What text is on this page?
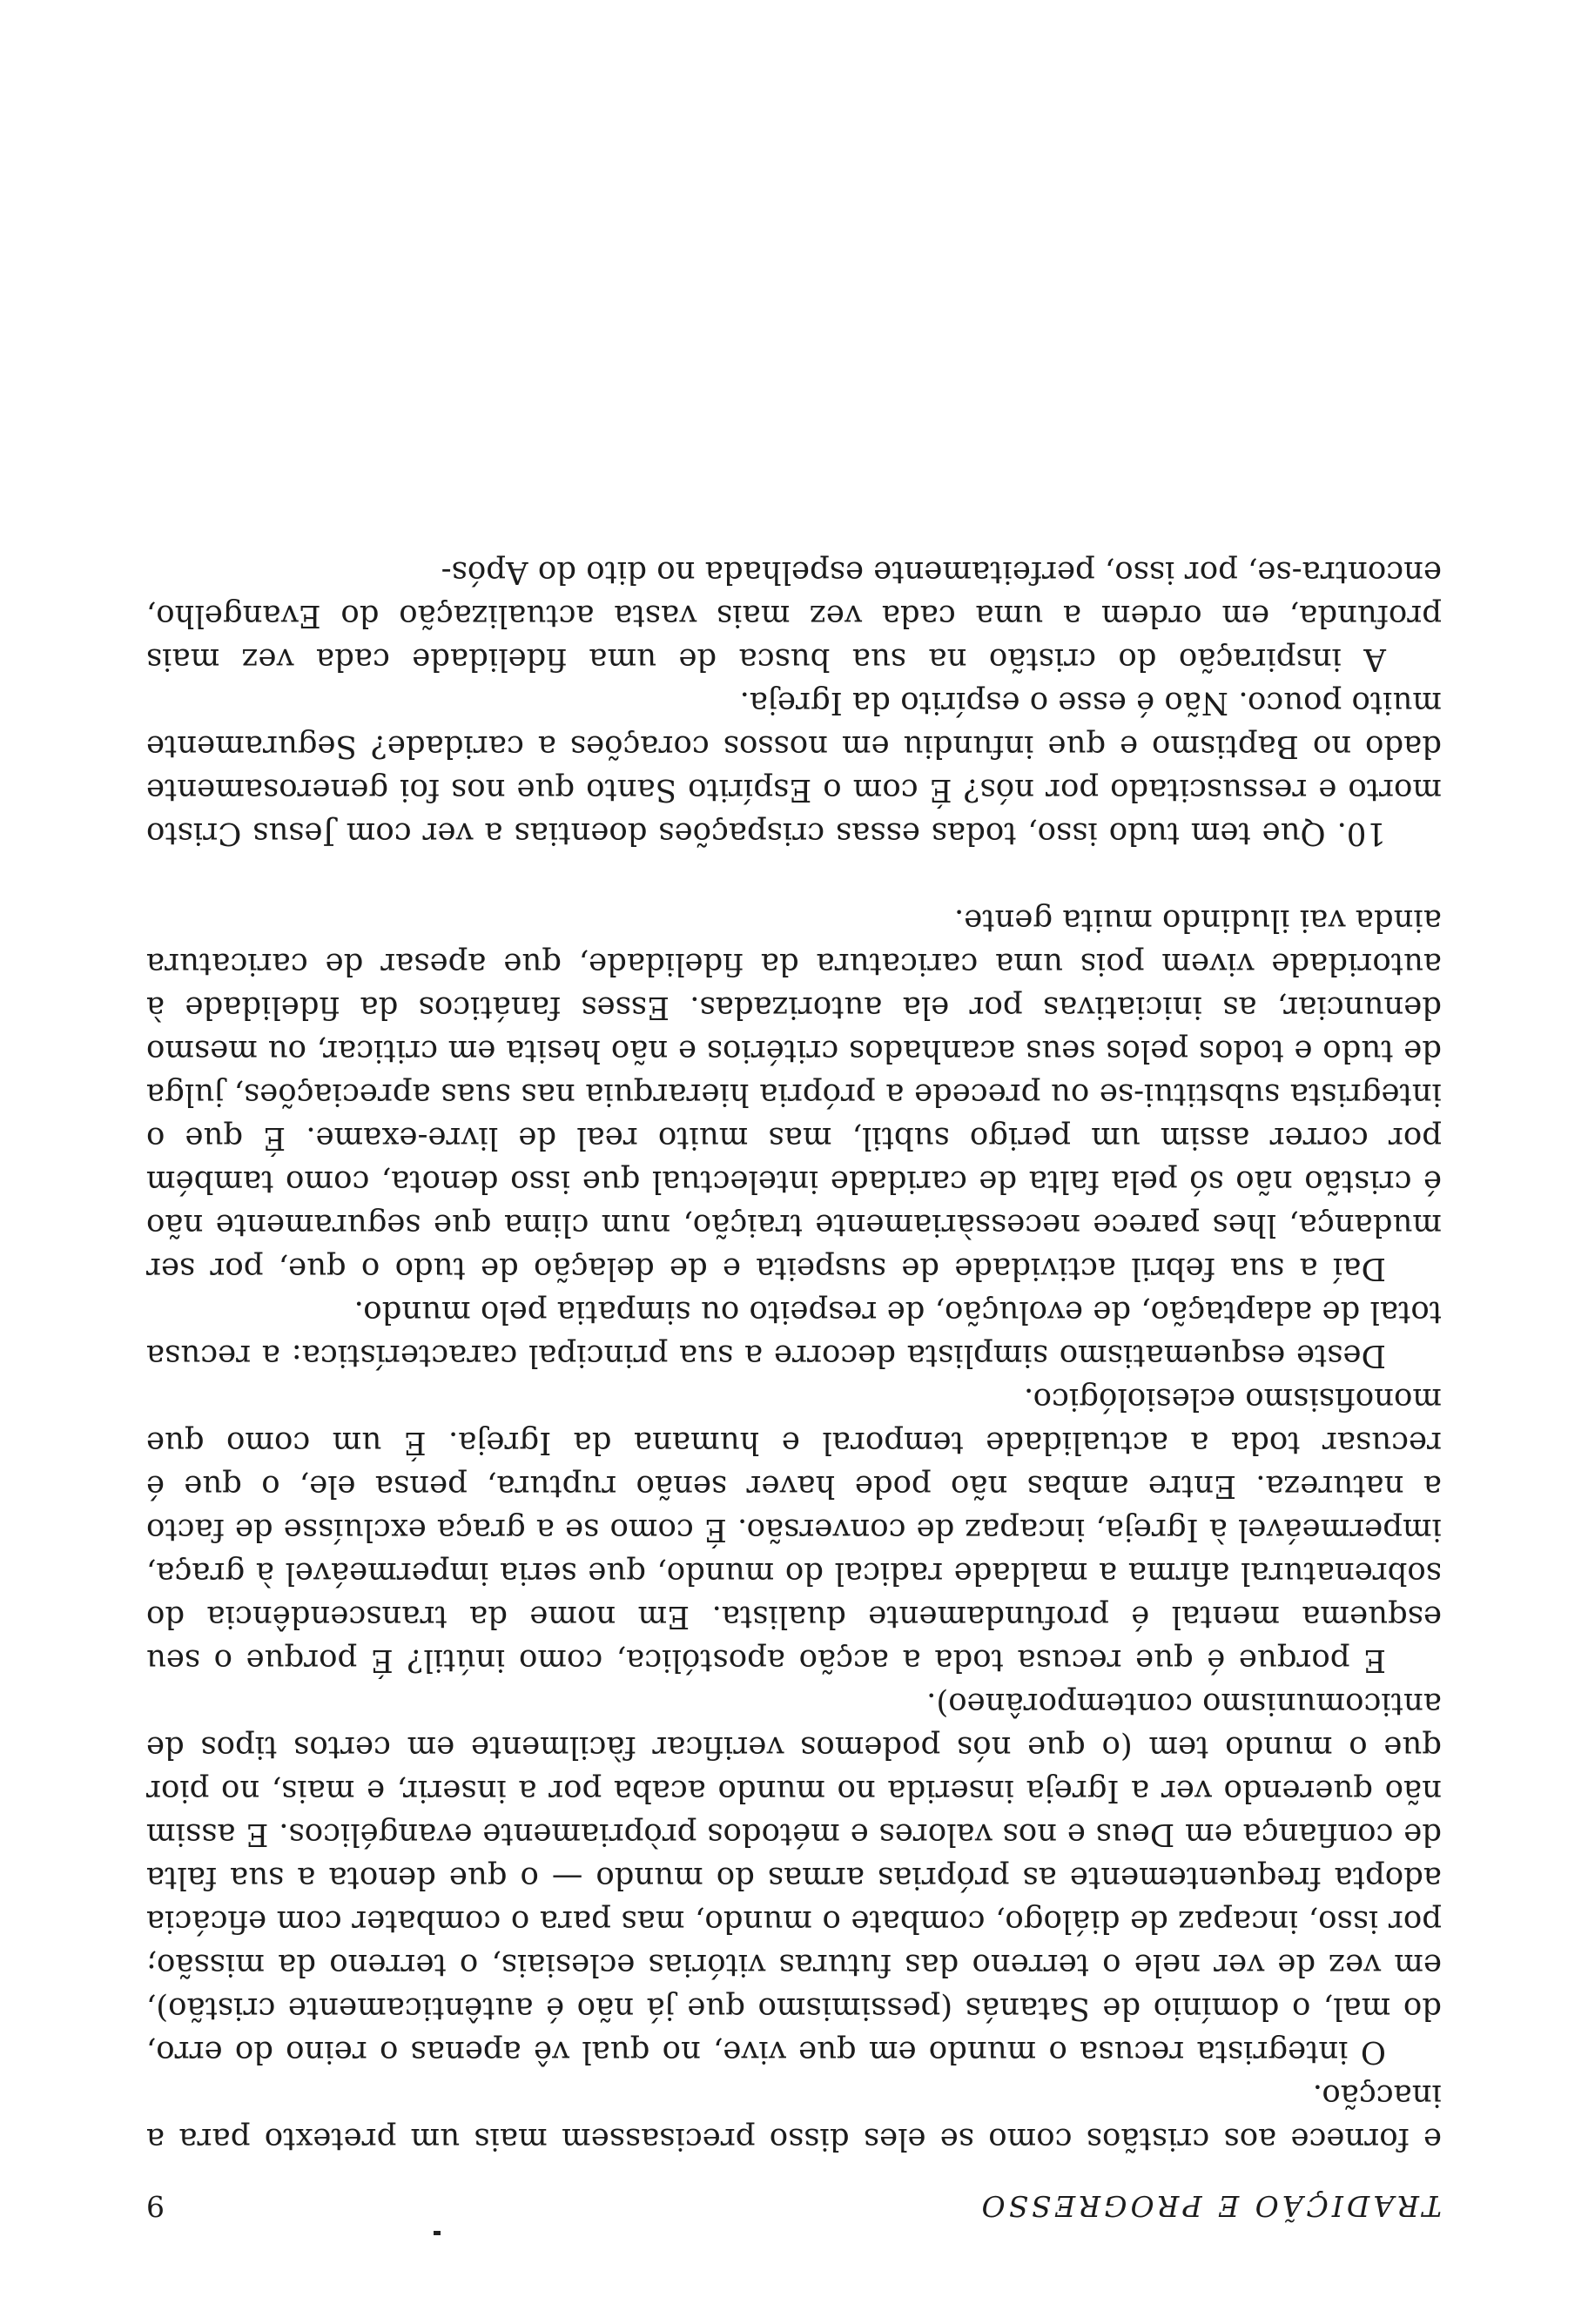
TRADIÇÃO E PROGRESSO
9

e fornece aos cristãos como se eles disso precisassem mais um pretexto para a inacção.

O integrista recusa o mundo em que vive, no qual vê apenas o reino do erro, do mal, o domínio de Satanás (pessimismo que já não é autênticamente cristão), em vez de ver nele o terreno das futuras vitórias eclesiais, o terreno da missão; por isso, incapaz de diálogo, combate o mundo, mas para o combater com eficácia adopta frequentemente as próprias armas do mundo — o que denota a sua falta de confiança em Deus e nos valores e métodos pròpriamente evangélicos. E assim não querendo ver a Igreja inserida no mundo acaba por a inserir, e mais, no pior que o mundo tem (o que nós podemos verificar fàcilmente em certos tipos de anticomunismo contemporâneo).

E porque é que recusa toda a acção apostólica, como inútil? É porque o seu esquema mental é profundamente dualista. Em nome da transcendência do sobrenatural afirma a maldade radical do mundo, que seria impermeável à graça, impermeável à Igreja, incapaz de conversão. É como se a graça excluísse de facto a natureza. Entre ambas não pode haver senão ruptura, pensa ele, o que é recusar toda a actualidade temporal e humana da Igreja. É um como que monofisismo eclesiológico.

Deste esquematismo simplista decorre a sua principal característica: a recusa total de adaptação, de evolução, de respeito ou simpatia pelo mundo.

Daí a sua febril actividade de suspeita e de delação de tudo o que, por ser mudança, lhes parece necessàriamente traição, num clima que seguramente não é cristão não só pela falta de caridade intelectual que isso denota, como também por correr assim um perigo subtil, mas muito real de livre-exame. É que o integrista substitui-se ou precede a própria hierarquia nas suas apreciações, julga de tudo e todos pelos seus acanhados critérios e não hesita em criticar, ou mesmo denunciar, as iniciativas por ela autorizadas. Esses fanáticos da fidelidade à autoridade vivem pois uma caricatura da fidelidade, que apesar de caricatura ainda vai iludindo muita gente.

10. Que tem tudo isso, todas essas crispações doentias a ver com Jesus Cristo morto e ressuscitado por nós? É com o Espírito Santo que nos foi generosamente dado no Baptismo e que infundiu em nossos corações a caridade? Seguramente muito pouco. Não é esse o espírito da Igreja.

A inspiração do cristão na sua busca de uma fidelidade cada vez mais profunda, em ordem a uma cada vez mais vasta actualização do Evangelho, encontra-se, por isso, perfeitamente espelhada no dito do Após-
